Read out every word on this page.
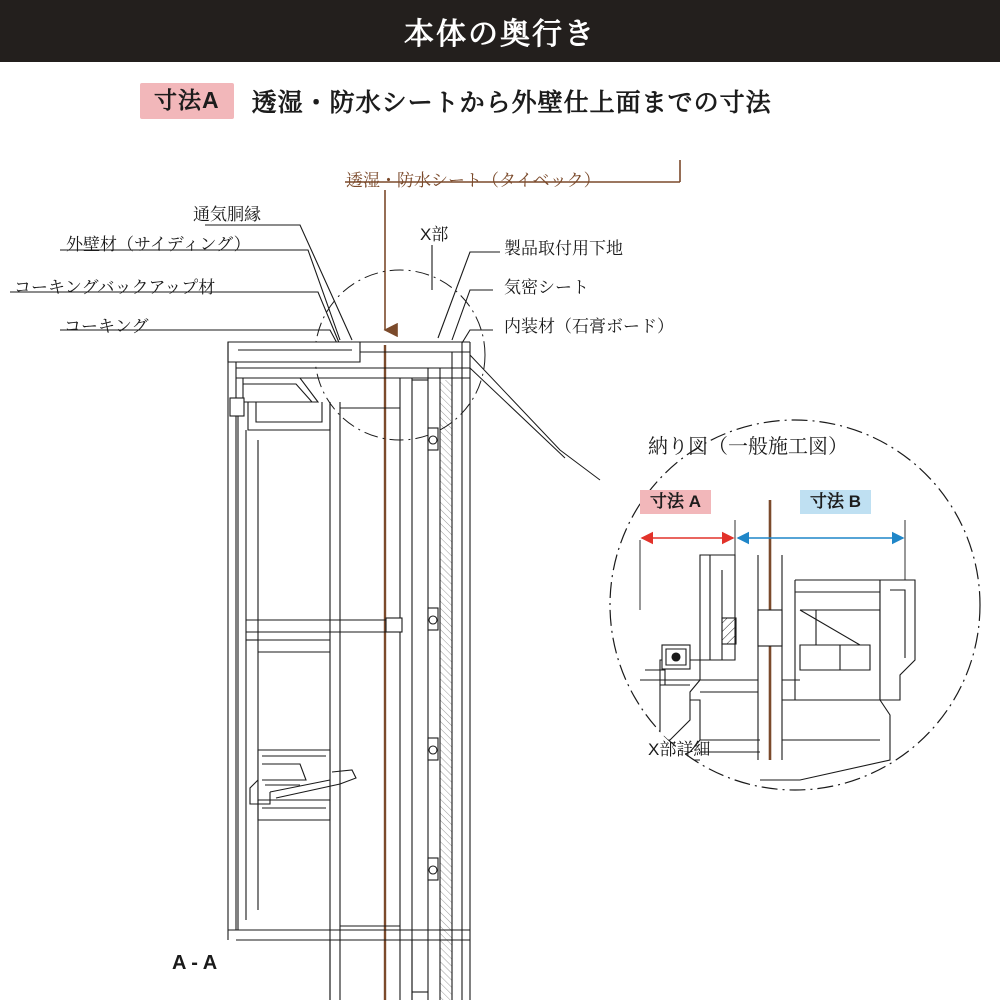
本体の奥行き
寸法A	透湿・防水シートから外壁仕上面までの寸法
透湿・防水シート（タイベック）
通気胴縁
外壁材（サイディング）
コーキングバックアップ材
コーキング
X部
製品取付用下地
気密シート
内装材（石膏ボード）
A - A
納り図（一般施工図）
寸法 A	寸法 B
X部詳細
